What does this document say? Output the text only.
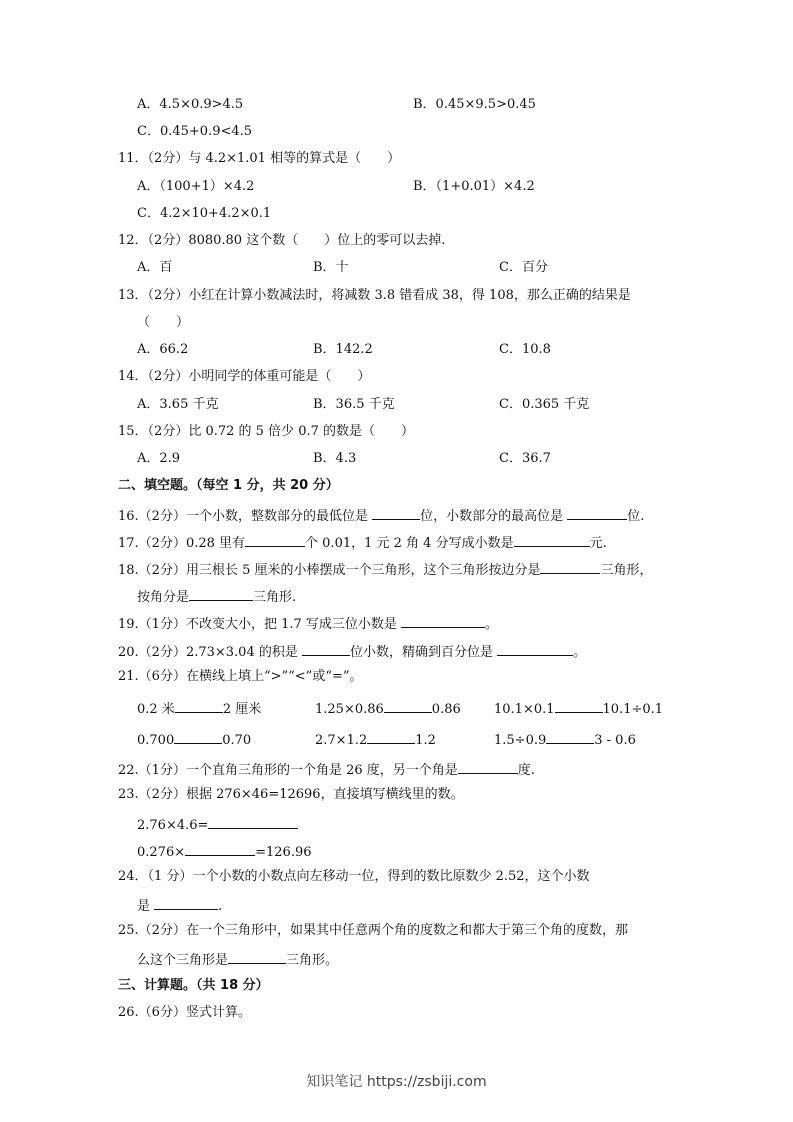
A．4.5×0.9>4.5	B．0.45×9.5>0.45
C．0.45+0.9<4.5
11．（2分）与 4.2×1.01 相等的算式是（　　）
A．（100+1）×4.2	B．（1+0.01）×4.2
C．4.2×10+4.2×0.1
12．（2分）8080.80 这个数（　　）位上的零可以去掉.
A．百	B．十	C．百分
13．（2分）小红在计算小数减法时，将减数 3.8 错看成 38，得 108，那么正确的结果是
（　　）
A．66.2	B．142.2	C．10.8
14．（2分）小明同学的体重可能是（　　）
A．3.65 千克	B．36.5 千克	C．0.365 千克
15．（2分）比 0.72 的 5 倍少 0.7 的数是（　　）
A．2.9	B．4.3	C．36.7
二、填空题。（每空 1 分，共 20 分）
16.（2分）一个小数，整数部分的最低位是	位，小数部分的最高位是	位.
17.（2分）0.28 里有	个 0.01，1 元 2 角 4 分写成小数是	元.
18.（2分）用三根长 5 厘米的小棒摆成一个三角形，这个三角形按边分是	三角形，
按角分是	三角形.
19.（1分）不改变大小，把 1.7 写成三位小数是	。
20.（2分）2.73×3.04 的积是	位小数，精确到百分位是	。
21.（6分）在横线上填上“>”“<”或“=”。
0.2 米	2 厘米	1.25×0.86	0.86	10.1×0.1	10.1÷0.1
0.700	0.70	2.7×1.2	1.2	1.5÷0.9	3 - 0.6
22.（1分）一个直角三角形的一个角是 26 度，另一个角是	度.
23.（2分）根据 276×46=12696，直接填写横线里的数。
2.76×4.6=
0.276×	=126.96
24．（1 分）一个小数的小数点向左移动一位，得到的数比原数少 2.52，这个小数
是	.
25.（2分）在一个三角形中，如果其中任意两个角的度数之和都大于第三个角的度数，那
么这个三角形是	三角形。
三、计算题。（共 18 分）
26.（6分）竖式计算。
知识笔记 https://zsbiji.com
